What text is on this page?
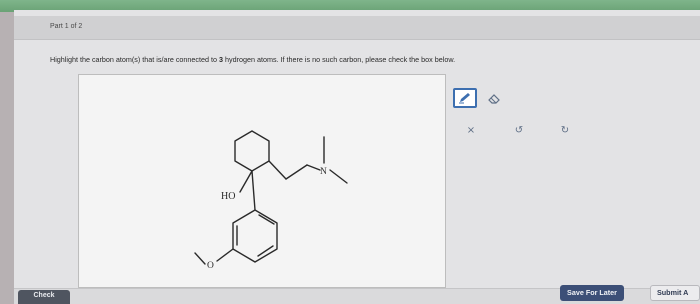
Part 1 of 2
Highlight the carbon atom(s) that is/are connected to 3 hydrogen atoms. If there is no such carbon, please check the box below.
HO
N
O
×	↺	↻
Check	Save For Later	Submit A
